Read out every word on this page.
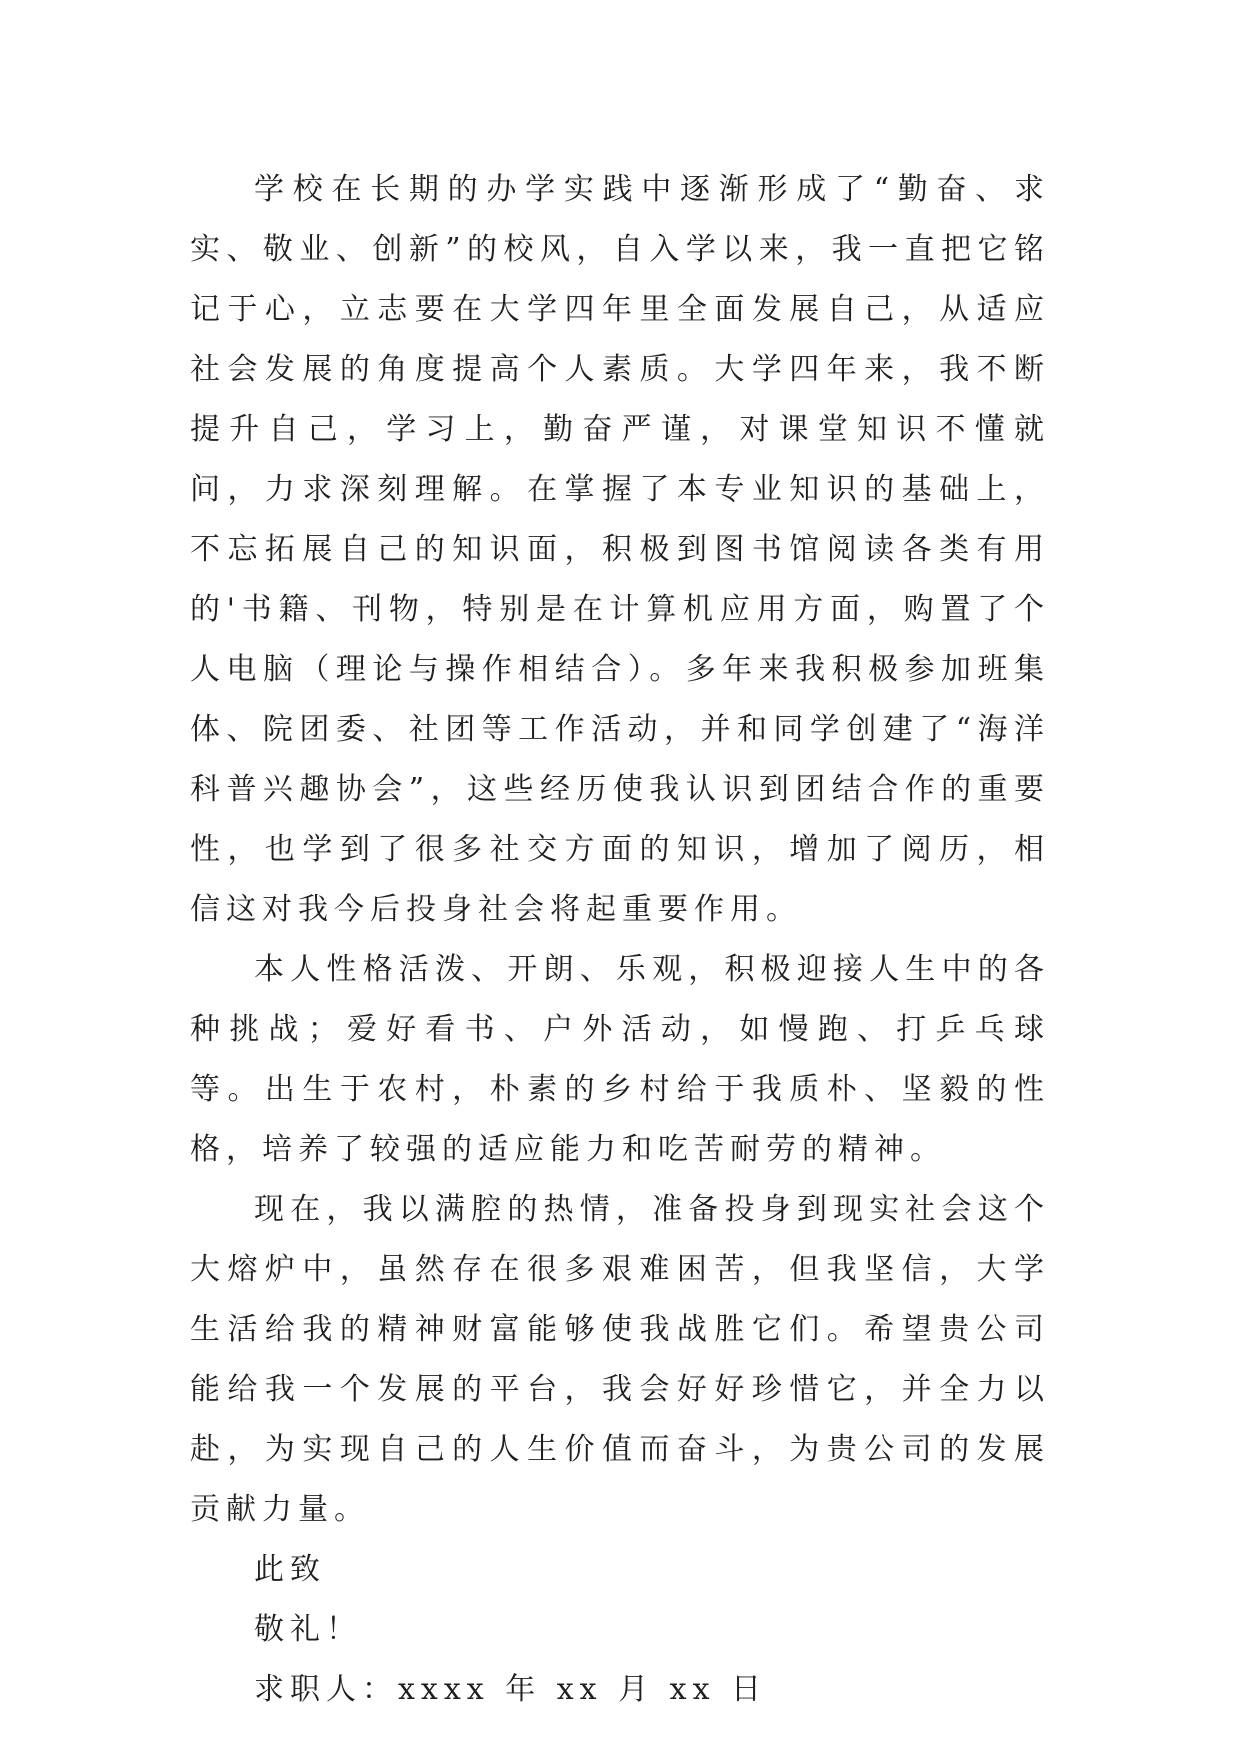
学校在长期的办学实践中逐渐形成了“勤奋、求实、敬业、创新”的校风，自入学以来，我一直把它铭记于心，立志要在大学四年里全面发展自己，从适应社会发展的角度提高个人素质。大学四年来，我不断提升自己，学习上，勤奋严谨，对课堂知识不懂就问，力求深刻理解。在掌握了本专业知识的基础上，不忘拓展自己的知识面，积极到图书馆阅读各类有用的'书籍、刊物，特别是在计算机应用方面，购置了个人电脑（理论与操作相结合）。多年来我积极参加班集体、院团委、社团等工作活动，并和同学创建了“海洋科普兴趣协会”，这些经历使我认识到团结合作的重要性，也学到了很多社交方面的知识，增加了阅历，相信这对我今后投身社会将起重要作用。

本人性格活泼、开朗、乐观，积极迎接人生中的各种挑战；爱好看书、户外活动，如慢跑、打乒乓球等。出生于农村，朴素的乡村给于我质朴、坚毅的性格，培养了较强的适应能力和吃苦耐劳的精神。

现在，我以满腔的热情，准备投身到现实社会这个大熔炉中，虽然存在很多艰难困苦，但我坚信，大学生活给我的精神财富能够使我战胜它们。希望贵公司能给我一个发展的平台，我会好好珍惜它，并全力以赴，为实现自己的人生价值而奋斗，为贵公司的发展贡献力量。

此致

敬礼！

求职人：xxxx 年 xx 月 xx 日
